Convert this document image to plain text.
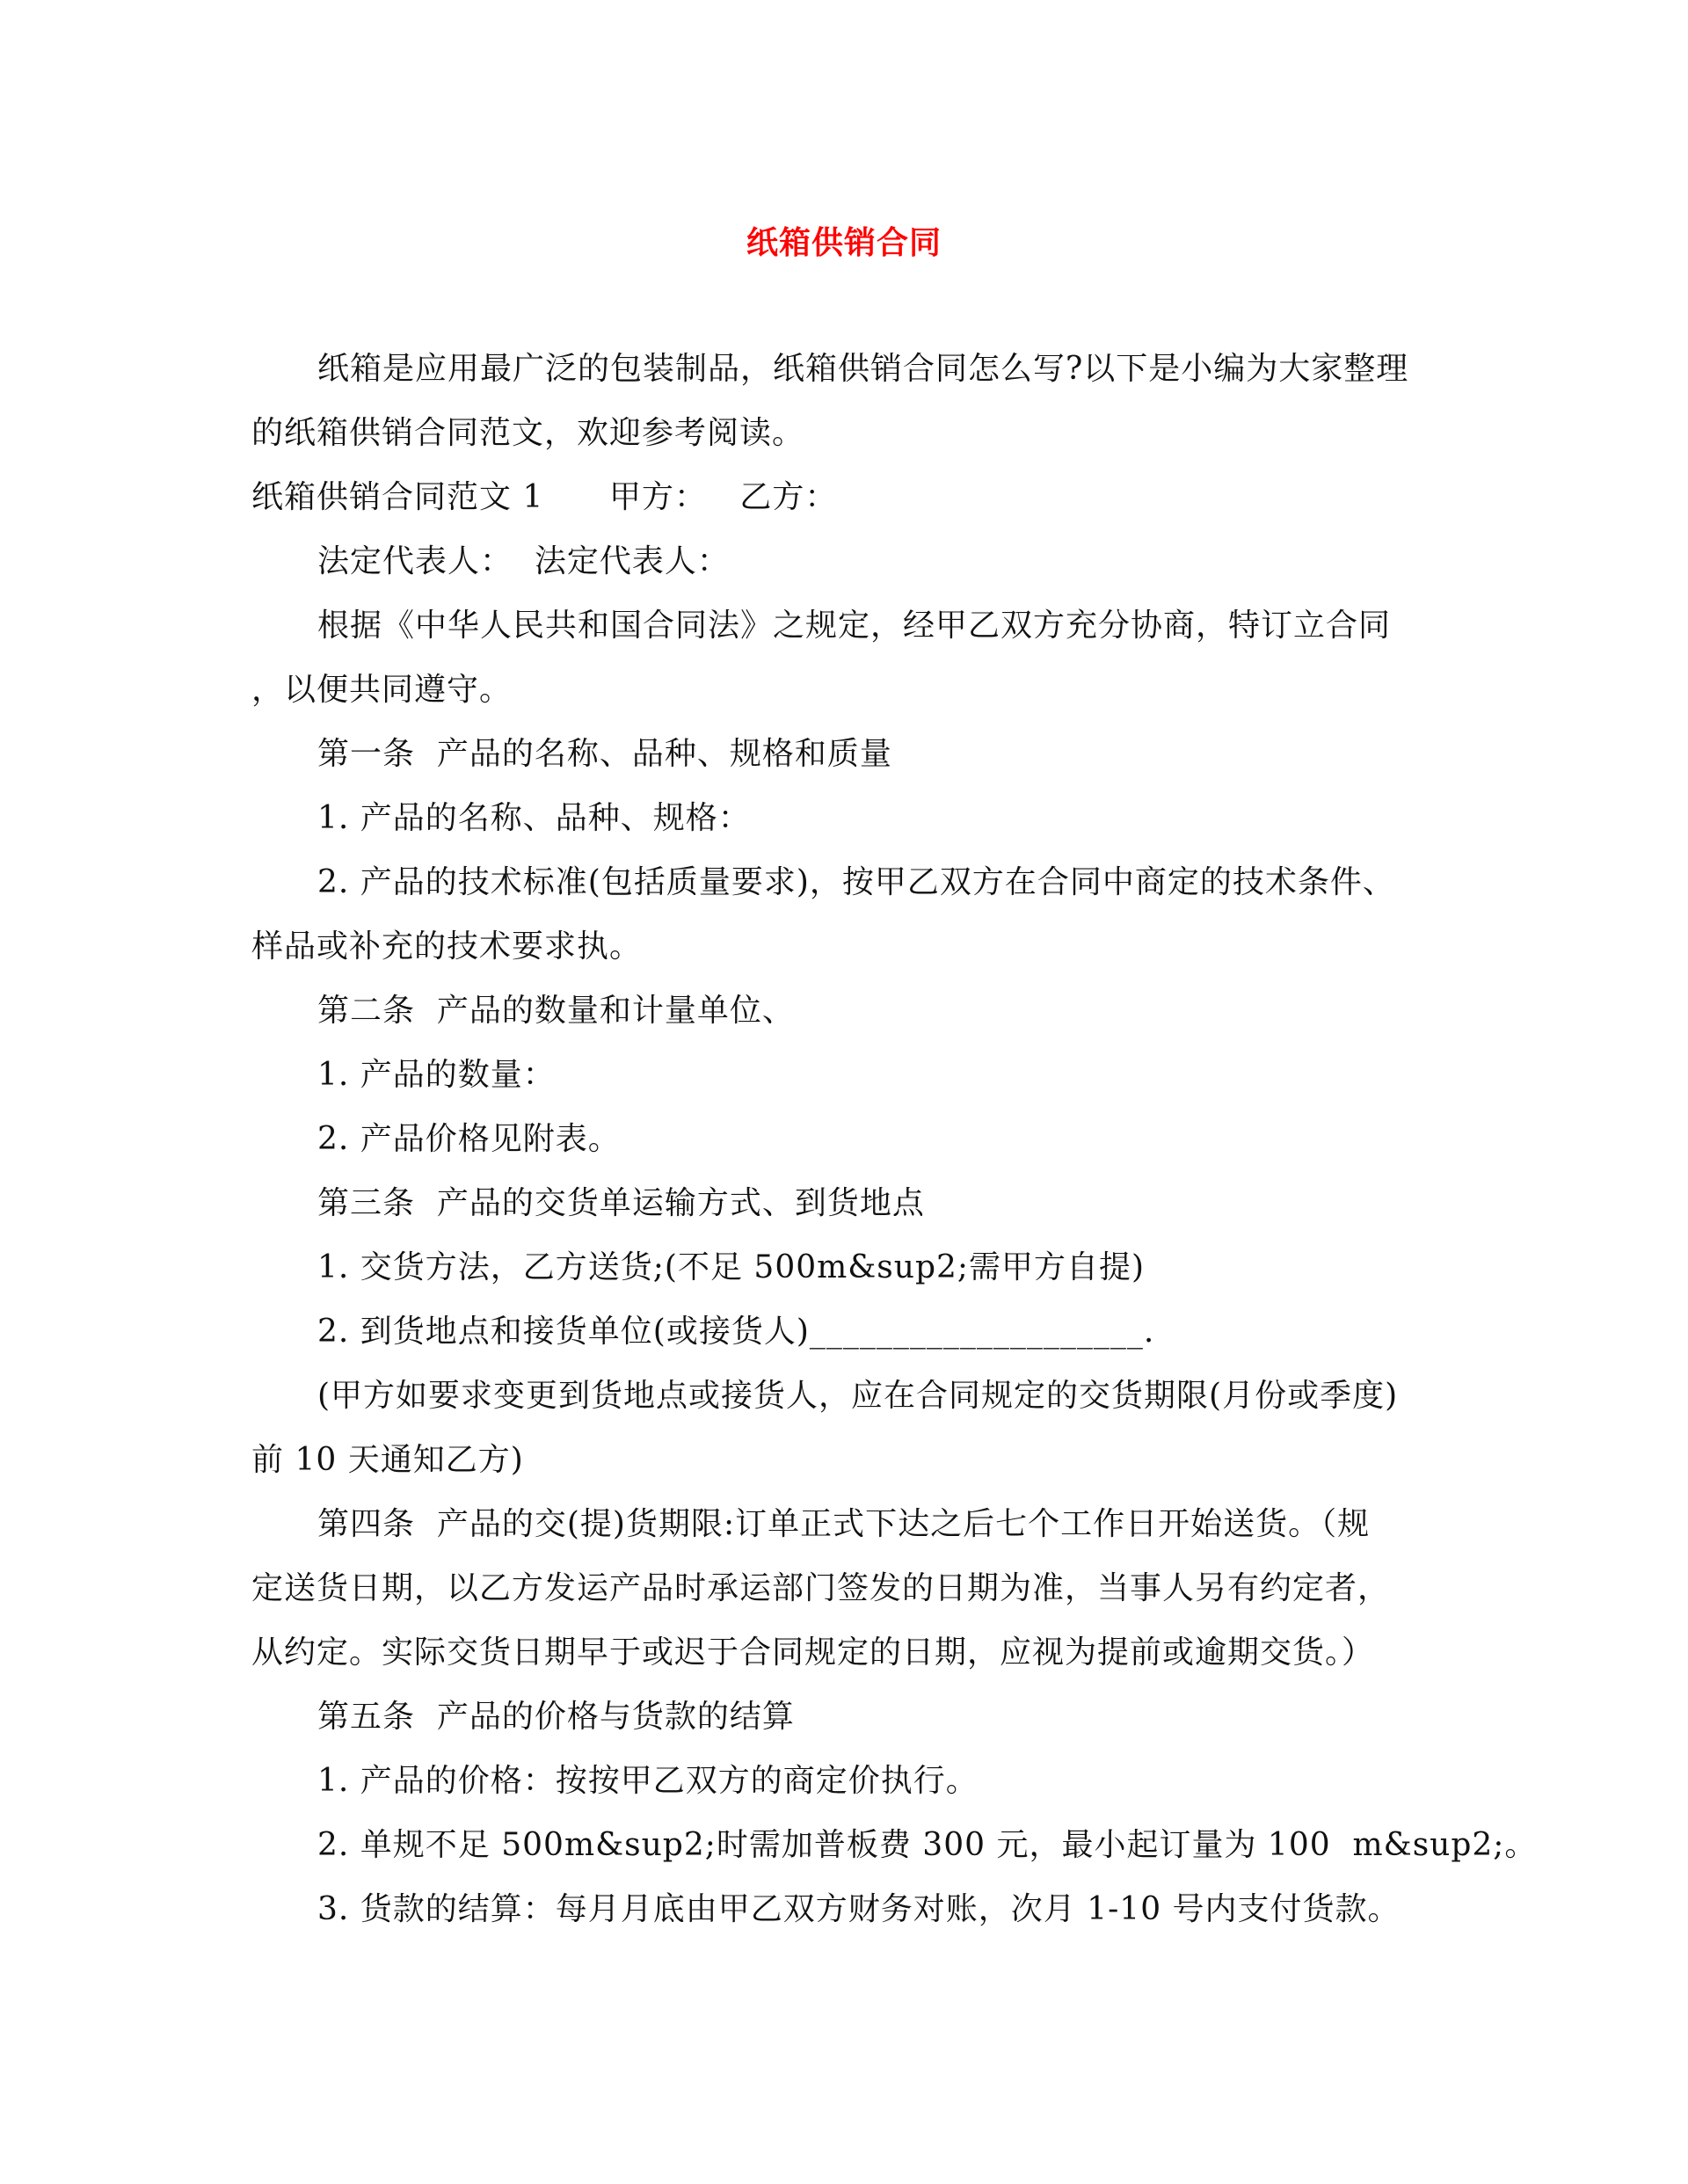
纸箱供销合同
纸箱是应用最广泛的包装制品，纸箱供销合同怎么写?以下是小编为大家整理
的纸箱供销合同范文，欢迎参考阅读。
纸箱供销合同范文 1      甲方：   乙方：
法定代表人：  法定代表人：
根据《中华人民共和国合同法》之规定，经甲乙双方充分协商，特订立合同
，以便共同遵守。
第一条  产品的名称、品种、规格和质量
1. 产品的名称、品种、规格：
2. 产品的技术标准(包括质量要求)，按甲乙双方在合同中商定的技术条件、
样品或补充的技术要求执。
第二条  产品的数量和计量单位、
1. 产品的数量：
2. 产品价格见附表。
第三条  产品的交货单运输方式、到货地点
1. 交货方法，乙方送货;(不足 500m&sup2;需甲方自提)
2. 到货地点和接货单位(或接货人)____________________.
(甲方如要求变更到货地点或接货人，应在合同规定的交货期限(月份或季度)
前 10 天通知乙方)
第四条  产品的交(提)货期限:订单正式下达之后七个工作日开始送货。（规
定送货日期，以乙方发运产品时承运部门签发的日期为准，当事人另有约定者，
从约定。实际交货日期早于或迟于合同规定的日期，应视为提前或逾期交货。）
第五条  产品的价格与货款的结算
1. 产品的价格：按按甲乙双方的商定价执行。
2. 单规不足 500m&sup2;时需加普板费 300 元，最小起订量为 100  m&sup2;。
3. 货款的结算：每月月底由甲乙双方财务对账，次月 1-10 号内支付货款。
